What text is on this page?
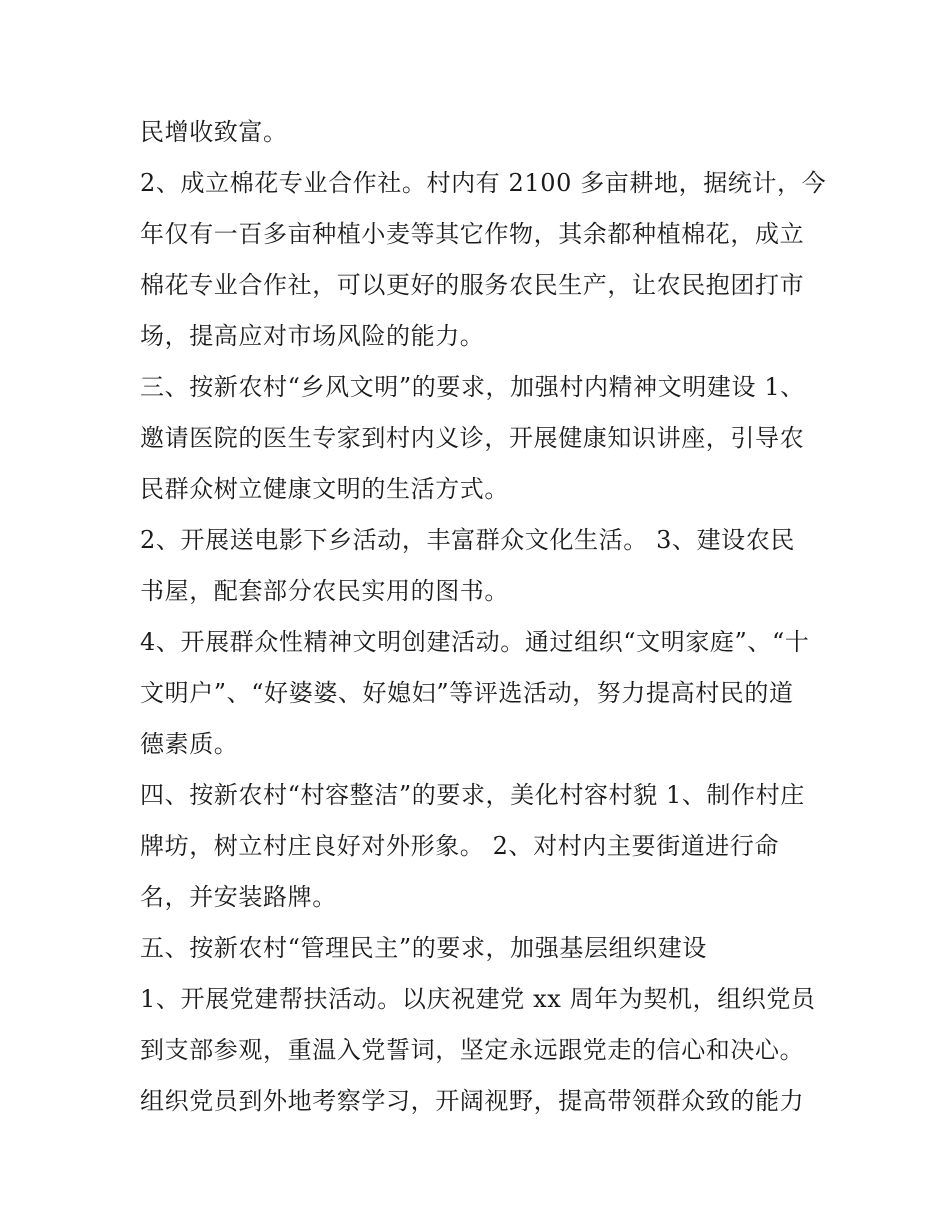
民增收致富。
2、成立棉花专业合作社。村内有 2100 多亩耕地，据统计，今
年仅有一百多亩种植小麦等其它作物，其余都种植棉花，成立
棉花专业合作社，可以更好的服务农民生产，让农民抱团打市
场，提高应对市场风险的能力。
三、按新农村“乡风文明”的要求，加强村内精神文明建设 1、
邀请医院的医生专家到村内义诊，开展健康知识讲座，引导农
民群众树立健康文明的生活方式。
2、开展送电影下乡活动，丰富群众文化生活。 3、建设农民
书屋，配套部分农民实用的图书。
4、开展群众性精神文明创建活动。通过组织“文明家庭”、“十
文明户”、“好婆婆、好媳妇”等评选活动，努力提高村民的道
德素质。
四、按新农村“村容整洁”的要求，美化村容村貌 1、制作村庄
牌坊，树立村庄良好对外形象。 2、对村内主要街道进行命
名，并安装路牌。
五、按新农村“管理民主”的要求，加强基层组织建设
1、开展党建帮扶活动。以庆祝建党 xx 周年为契机，组织党员
到支部参观，重温入党誓词，坚定永远跟党走的信心和决心。
组织党员到外地考察学习，开阔视野，提高带领群众致的能力
